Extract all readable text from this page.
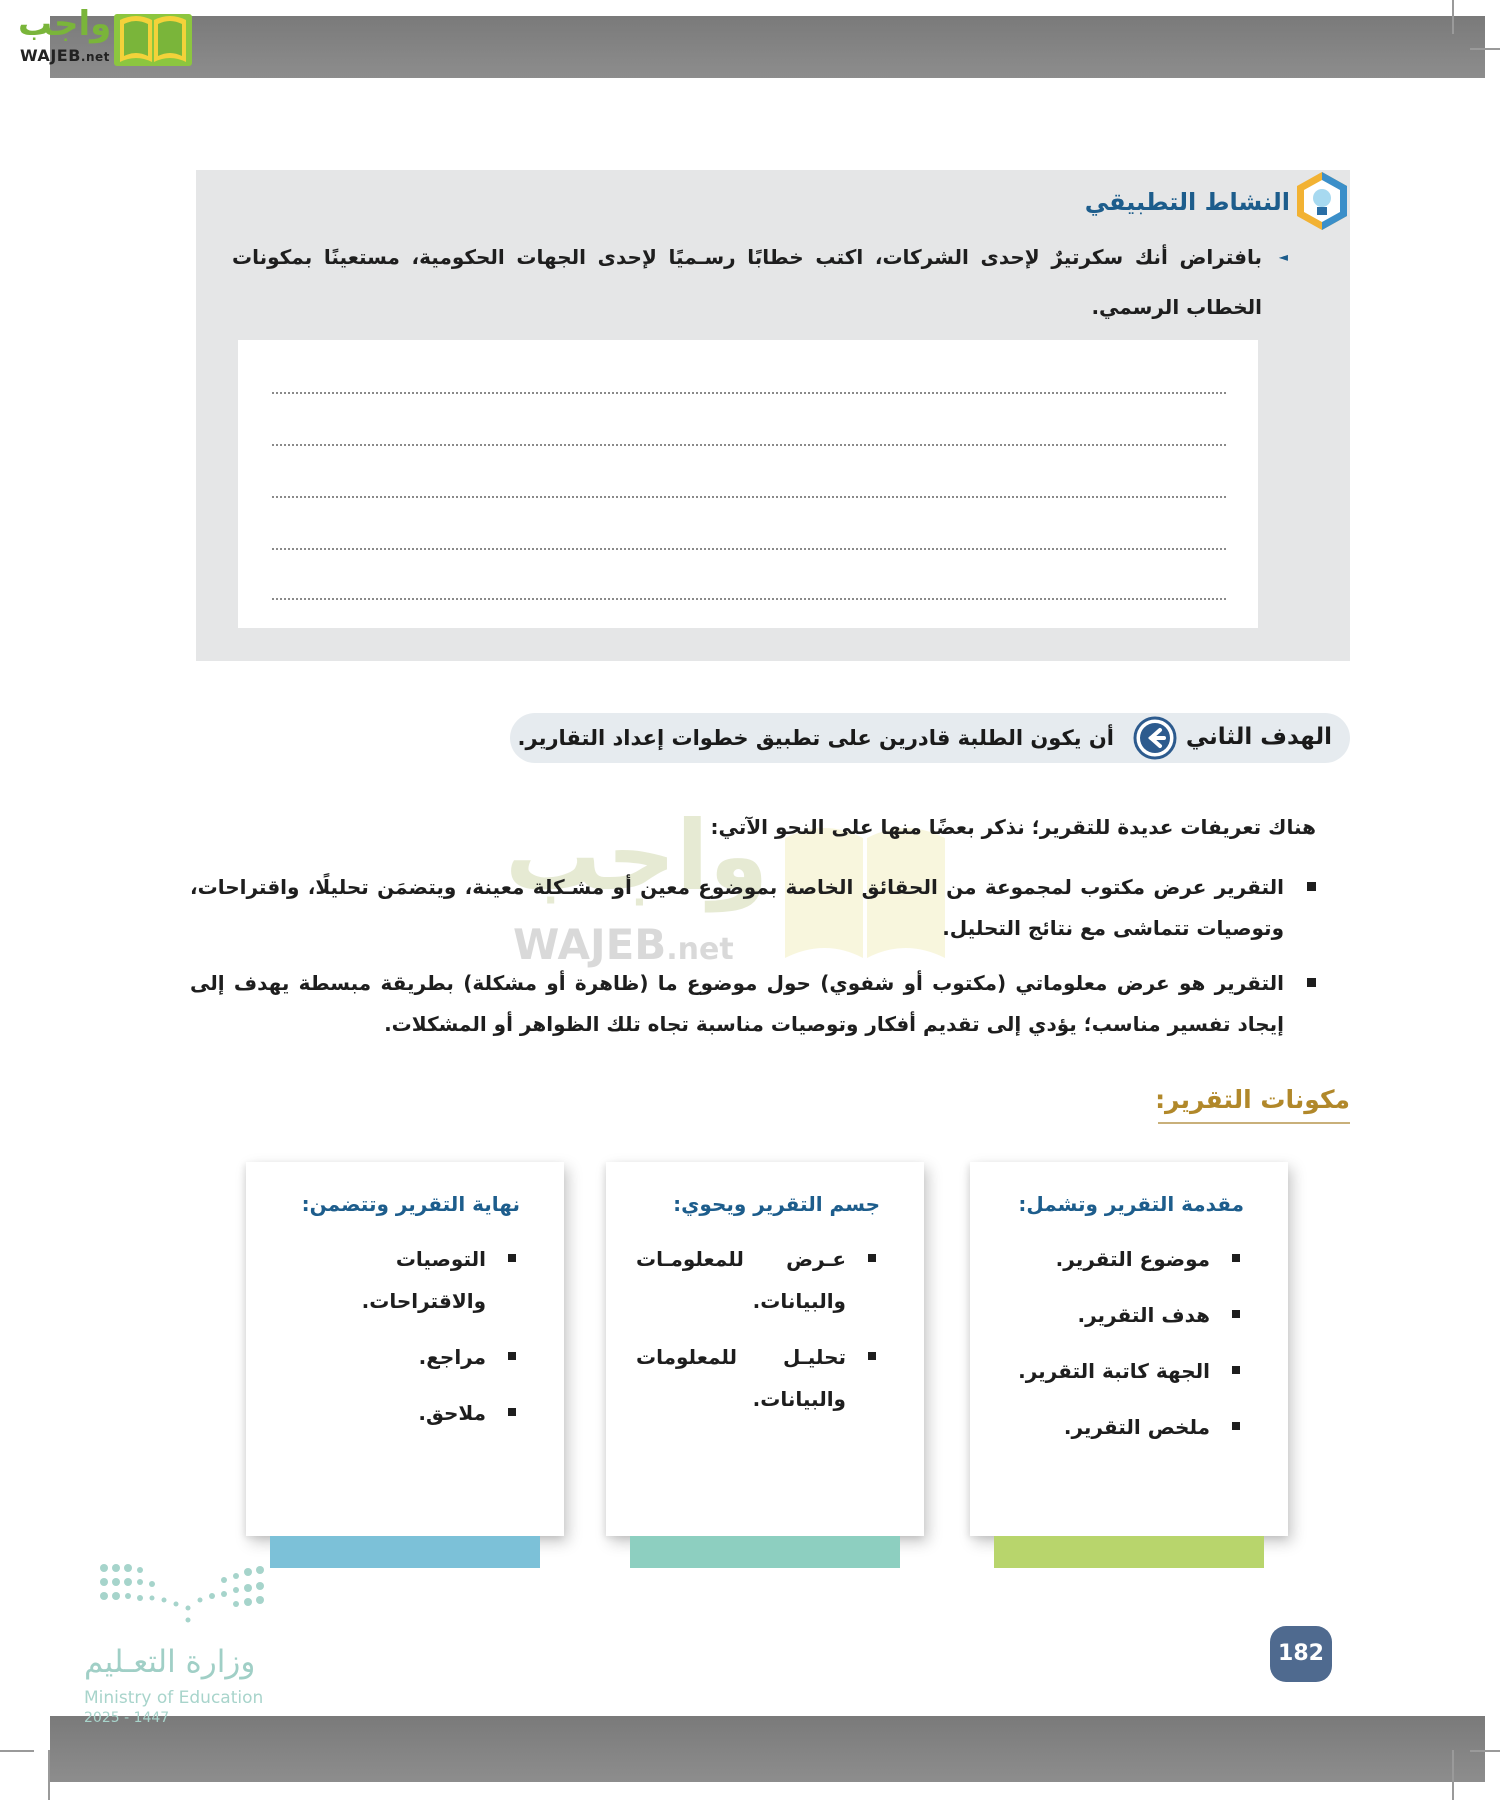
واجب
WAJEB.net
واجب
WAJEB.net
النشاط التطبيقي
◄
بافتراض أنك سكرتيرٌ لإحدى الشركات، اكتب خطابًا رسـميًا لإحدى الجهات الحكومية، مستعينًا بمكونات الخطاب الرسمي.
الهدف الثاني
أن يكون الطلبة قادرين على تطبيق خطوات إعداد التقارير.
هناك تعريفات عديدة للتقرير؛ نذكر بعضًا منها على النحو الآتي:
التقرير عرض مكتوب لمجموعة من الحقائق الخاصة بموضوع معين أو مشـكلة معينة، ويتضمَن تحليلًا، واقتراحات، وتوصيات تتماشى مع نتائج التحليل.
التقرير هو عرض معلوماتي (مكتوب أو شفوي) حول موضوع ما (ظاهرة أو مشكلة) بطريقة مبسطة يهدف إلى إيجاد تفسير مناسب؛ يؤدي إلى تقديم أفكار وتوصيات مناسبة تجاه تلك الظواهر أو المشكلات.
مكونات التقرير:
مقدمة التقرير وتشمل:
موضوع التقرير.
هدف التقرير.
الجهة كاتبة التقرير.
ملخص التقرير.
جسم التقرير ويحوي:
عـرض للمعلومـات والبيانات.
تحليـل للمعلومات والبيانات.
نهاية التقرير وتتضمن:
التوصيات والاقتراحات.
مراجع.
ملاحق.
وزارة التعـليم
Ministry of Education
2025 - 1447
182
